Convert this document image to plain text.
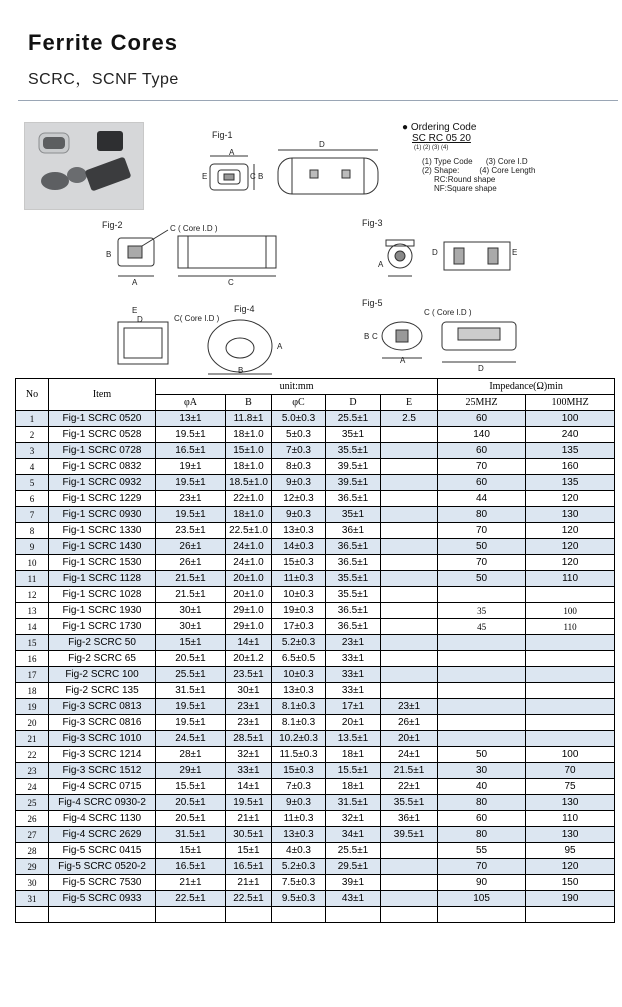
Ferrite Cores
SCRC，SCNF Type
Fig-1
A
D
E	C B
● Ordering Code
SC RC 05 20
(1) (2) (3) (4)
(1) Type Code (3) Core I.D
(2) Shape:	(4) Core Length
RC:Round shape
NF:Square shape
Fig-2	C ( Core I.D )
B
A	C
Fig-3
A
D	E
Fig-4
C( Core I.D )
E
D
A
B
Fig-5
C ( Core I.D )
B C
A
D
No	Item	unit:mm					Impedance(Ω)min	
		φA	B	φC	D	E	25MHZ	100MHZ
1	Fig-1 SCRC 0520	13±1	11.8±1	5.0±0.3	25.5±1	2.5	60	100
2	Fig-1 SCRC 0528	19.5±1	18±1.0	5±0.3	35±1		140	240
3	Fig-1 SCRC 0728	16.5±1	15±1.0	7±0.3	35.5±1		60	135
4	Fig-1 SCRC 0832	19±1	18±1.0	8±0.3	39.5±1		70	160
5	Fig-1 SCRC 0932	19.5±1	18.5±1.0	9±0.3	39.5±1		60	135
6	Fig-1 SCRC 1229	23±1	22±1.0	12±0.3	36.5±1		44	120
7	Fig-1 SCRC 0930	19.5±1	18±1.0	9±0.3	35±1		80	130
8	Fig-1 SCRC 1330	23.5±1	22.5±1.0	13±0.3	36±1		70	120
9	Fig-1 SCRC 1430	26±1	24±1.0	14±0.3	36.5±1		50	120
10	Fig-1 SCRC 1530	26±1	24±1.0	15±0.3	36.5±1		70	120
11	Fig-1 SCRC 1128	21.5±1	20±1.0	11±0.3	35.5±1		50	110
12	Fig-1 SCRC 1028	21.5±1	20±1.0	10±0.3	35.5±1			
13	Fig-1 SCRC 1930	30±1	29±1.0	19±0.3	36.5±1		35	100
14	Fig-1 SCRC 1730	30±1	29±1.0	17±0.3	36.5±1		45	110
15	Fig-2 SCRC 50	15±1	14±1	5.2±0.3	23±1			
16	Fig-2 SCRC 65	20.5±1	20±1.2	6.5±0.5	33±1			
17	Fig-2 SCRC 100	25.5±1	23.5±1	10±0.3	33±1			
18	Fig-2 SCRC 135	31.5±1	30±1	13±0.3	33±1			
19	Fig-3 SCRC 0813	19.5±1	23±1	8.1±0.3	17±1	23±1		
20	Fig-3 SCRC 0816	19.5±1	23±1	8.1±0.3	20±1	26±1		
21	Fig-3 SCRC 1010	24.5±1	28.5±1	10.2±0.3	13.5±1	20±1		
22	Fig-3 SCRC 1214	28±1	32±1	11.5±0.3	18±1	24±1	50	100
23	Fig-3 SCRC 1512	29±1	33±1	15±0.3	15.5±1	21.5±1	30	70
24	Fig-4 SCRC 0715	15.5±1	14±1	7±0.3	18±1	22±1	40	75
25	Fig-4 SCRC 0930-2	20.5±1	19.5±1	9±0.3	31.5±1	35.5±1	80	130
26	Fig-4 SCRC 1130	20.5±1	21±1	11±0.3	32±1	36±1	60	110
27	Fig-4 SCRC 2629	31.5±1	30.5±1	13±0.3	34±1	39.5±1	80	130
28	Fig-5 SCRC 0415	15±1	15±1	4±0.3	25.5±1		55	95
29	Fig-5 SCRC 0520-2	16.5±1	16.5±1	5.2±0.3	29.5±1		70	120
30	Fig-5 SCRC 7530	21±1	21±1	7.5±0.3	39±1		90	150
31	Fig-5 SCRC 0933	22.5±1	22.5±1	9.5±0.3	43±1		105	190
